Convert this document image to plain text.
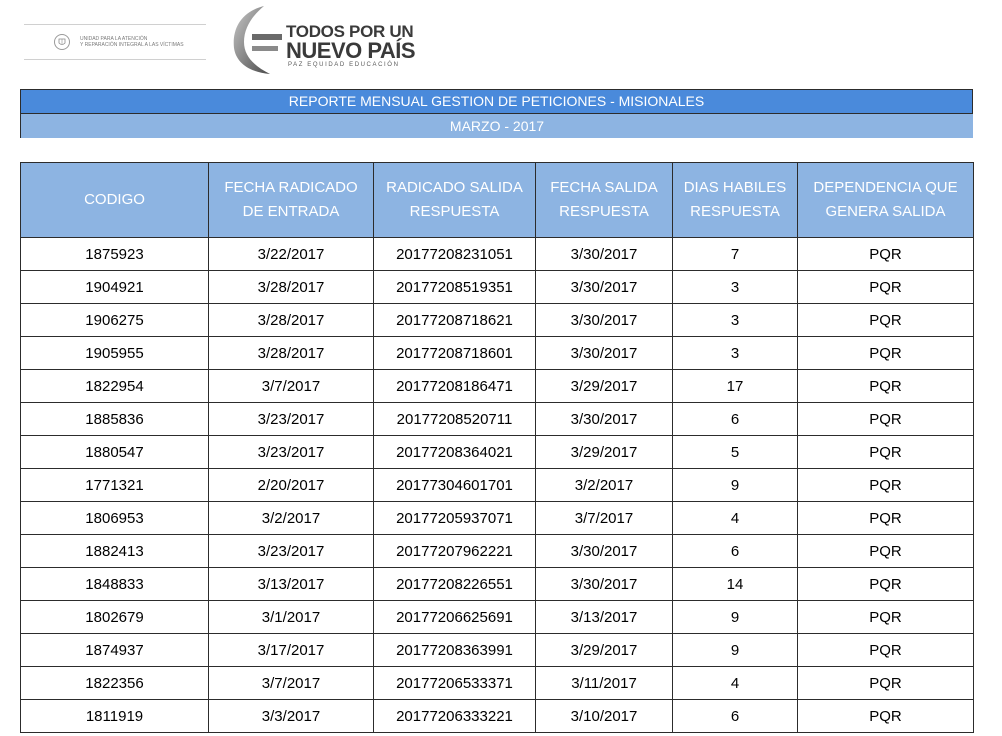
UNIDAD PARA LA ATENCIÓN
Y REPARACIÓN INTEGRAL A LAS VÍCTIMAS
TODOS POR UN
NUEVO PAÍS
PAZ EQUIDAD EDUCACIÓN
REPORTE MENSUAL GESTION DE PETICIONES - MISIONALES
MARZO - 2017
CODIGO	FECHA RADICADO DE ENTRADA	RADICADO SALIDA RESPUESTA	FECHA SALIDA RESPUESTA	DIAS HABILES RESPUESTA	DEPENDENCIA QUE GENERA SALIDA
1875923	3/22/2017	20177208231051	3/30/2017	7	PQR
1904921	3/28/2017	20177208519351	3/30/2017	3	PQR
1906275	3/28/2017	20177208718621	3/30/2017	3	PQR
1905955	3/28/2017	20177208718601	3/30/2017	3	PQR
1822954	3/7/2017	20177208186471	3/29/2017	17	PQR
1885836	3/23/2017	20177208520711	3/30/2017	6	PQR
1880547	3/23/2017	20177208364021	3/29/2017	5	PQR
1771321	2/20/2017	20177304601701	3/2/2017	9	PQR
1806953	3/2/2017	20177205937071	3/7/2017	4	PQR
1882413	3/23/2017	20177207962221	3/30/2017	6	PQR
1848833	3/13/2017	20177208226551	3/30/2017	14	PQR
1802679	3/1/2017	20177206625691	3/13/2017	9	PQR
1874937	3/17/2017	20177208363991	3/29/2017	9	PQR
1822356	3/7/2017	20177206533371	3/11/2017	4	PQR
1811919	3/3/2017	20177206333221	3/10/2017	6	PQR
